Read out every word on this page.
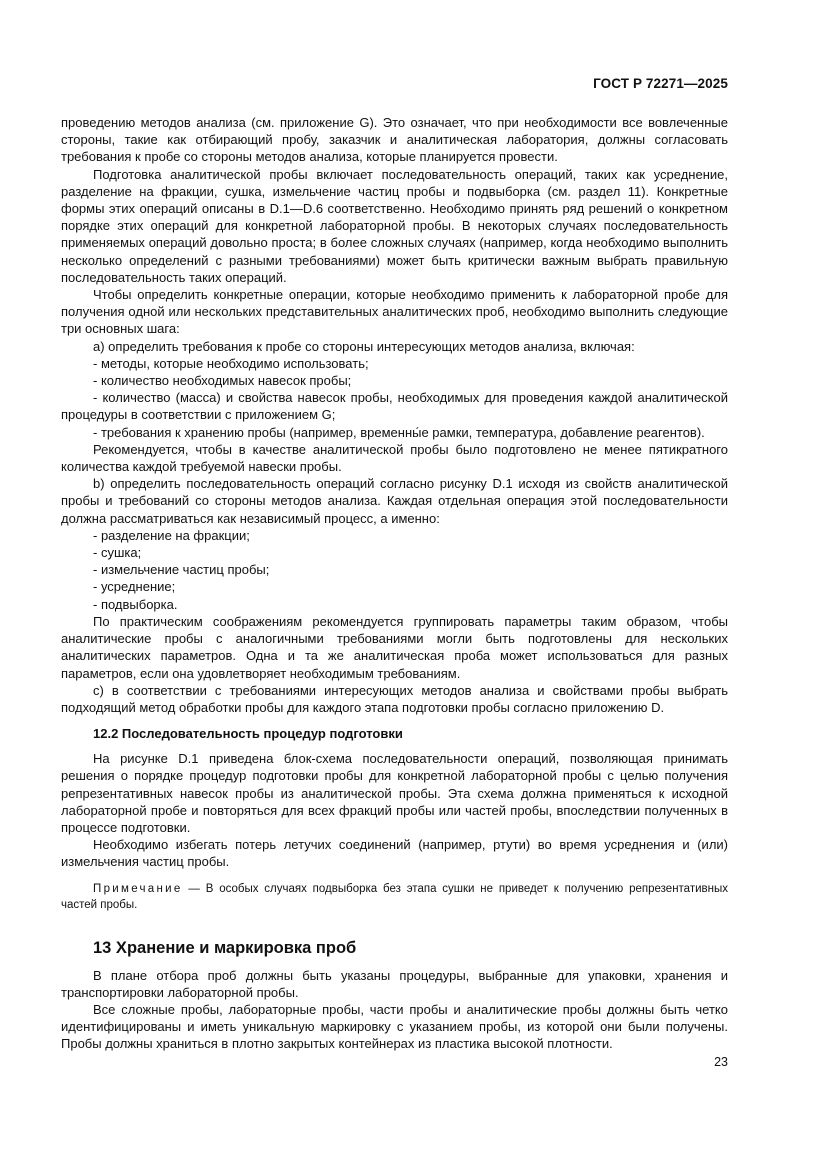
ГОСТ Р 72271—2025

проведению методов анализа (см. приложение G). Это означает, что при необходимости все вовлеченные стороны, такие как отбирающий пробу, заказчик и аналитическая лаборатория, должны согласовать требования к пробе со стороны методов анализа, которые планируется провести.

Подготовка аналитической пробы включает последовательность операций, таких как усреднение, разделение на фракции, сушка, измельчение частиц пробы и подвыборка (см. раздел 11). Конкретные формы этих операций описаны в D.1—D.6 соответственно. Необходимо принять ряд решений о конкретном порядке этих операций для конкретной лабораторной пробы. В некоторых случаях последовательность применяемых операций довольно проста; в более сложных случаях (например, когда необходимо выполнить несколько определений с разными требованиями) может быть критически важным выбрать правильную последовательность таких операций.

Чтобы определить конкретные операции, которые необходимо применить к лабораторной пробе для получения одной или нескольких представительных аналитических проб, необходимо выполнить следующие три основных шага:

a) определить требования к пробе со стороны интересующих методов анализа, включая:

- методы, которые необходимо использовать;

- количество необходимых навесок пробы;

- количество (масса) и свойства навесок пробы, необходимых для проведения каждой аналитической процедуры в соответствии с приложением G;

- требования к хранению пробы (например, временны́е рамки, температура, добавление реагентов).

Рекомендуется, чтобы в качестве аналитической пробы было подготовлено не менее пятикратного количества каждой требуемой навески пробы.

b) определить последовательность операций согласно рисунку D.1 исходя из свойств аналитической пробы и требований со стороны методов анализа. Каждая отдельная операция этой последовательности должна рассматриваться как независимый процесс, а именно:

- разделение на фракции;

- сушка;

- измельчение частиц пробы;

- усреднение;

- подвыборка.

По практическим соображениям рекомендуется группировать параметры таким образом, чтобы аналитические пробы с аналогичными требованиями могли быть подготовлены для нескольких аналитических параметров. Одна и та же аналитическая проба может использоваться для разных параметров, если она удовлетворяет необходимым требованиям.

c) в соответствии с требованиями интересующих методов анализа и свойствами пробы выбрать подходящий метод обработки пробы для каждого этапа подготовки пробы согласно приложению D.

12.2 Последовательность процедур подготовки

На рисунке D.1 приведена блок-схема последовательности операций, позволяющая принимать решения о порядке процедур подготовки пробы для конкретной лабораторной пробы с целью получения репрезентативных навесок пробы из аналитической пробы. Эта схема должна применяться к исходной лабораторной пробе и повторяться для всех фракций пробы или частей пробы, впоследствии полученных в процессе подготовки.

Необходимо избегать потерь летучих соединений (например, ртути) во время усреднения и (или) измельчения частиц пробы.

Примечание — В особых случаях подвыборка без этапа сушки не приведет к получению репрезентативных частей пробы.

13 Хранение и маркировка проб

В плане отбора проб должны быть указаны процедуры, выбранные для упаковки, хранения и транспортировки лабораторной пробы.

Все сложные пробы, лабораторные пробы, части пробы и аналитические пробы должны быть четко идентифицированы и иметь уникальную маркировку с указанием пробы, из которой они были получены. Пробы должны храниться в плотно закрытых контейнерах из пластика высокой плотности.

23
